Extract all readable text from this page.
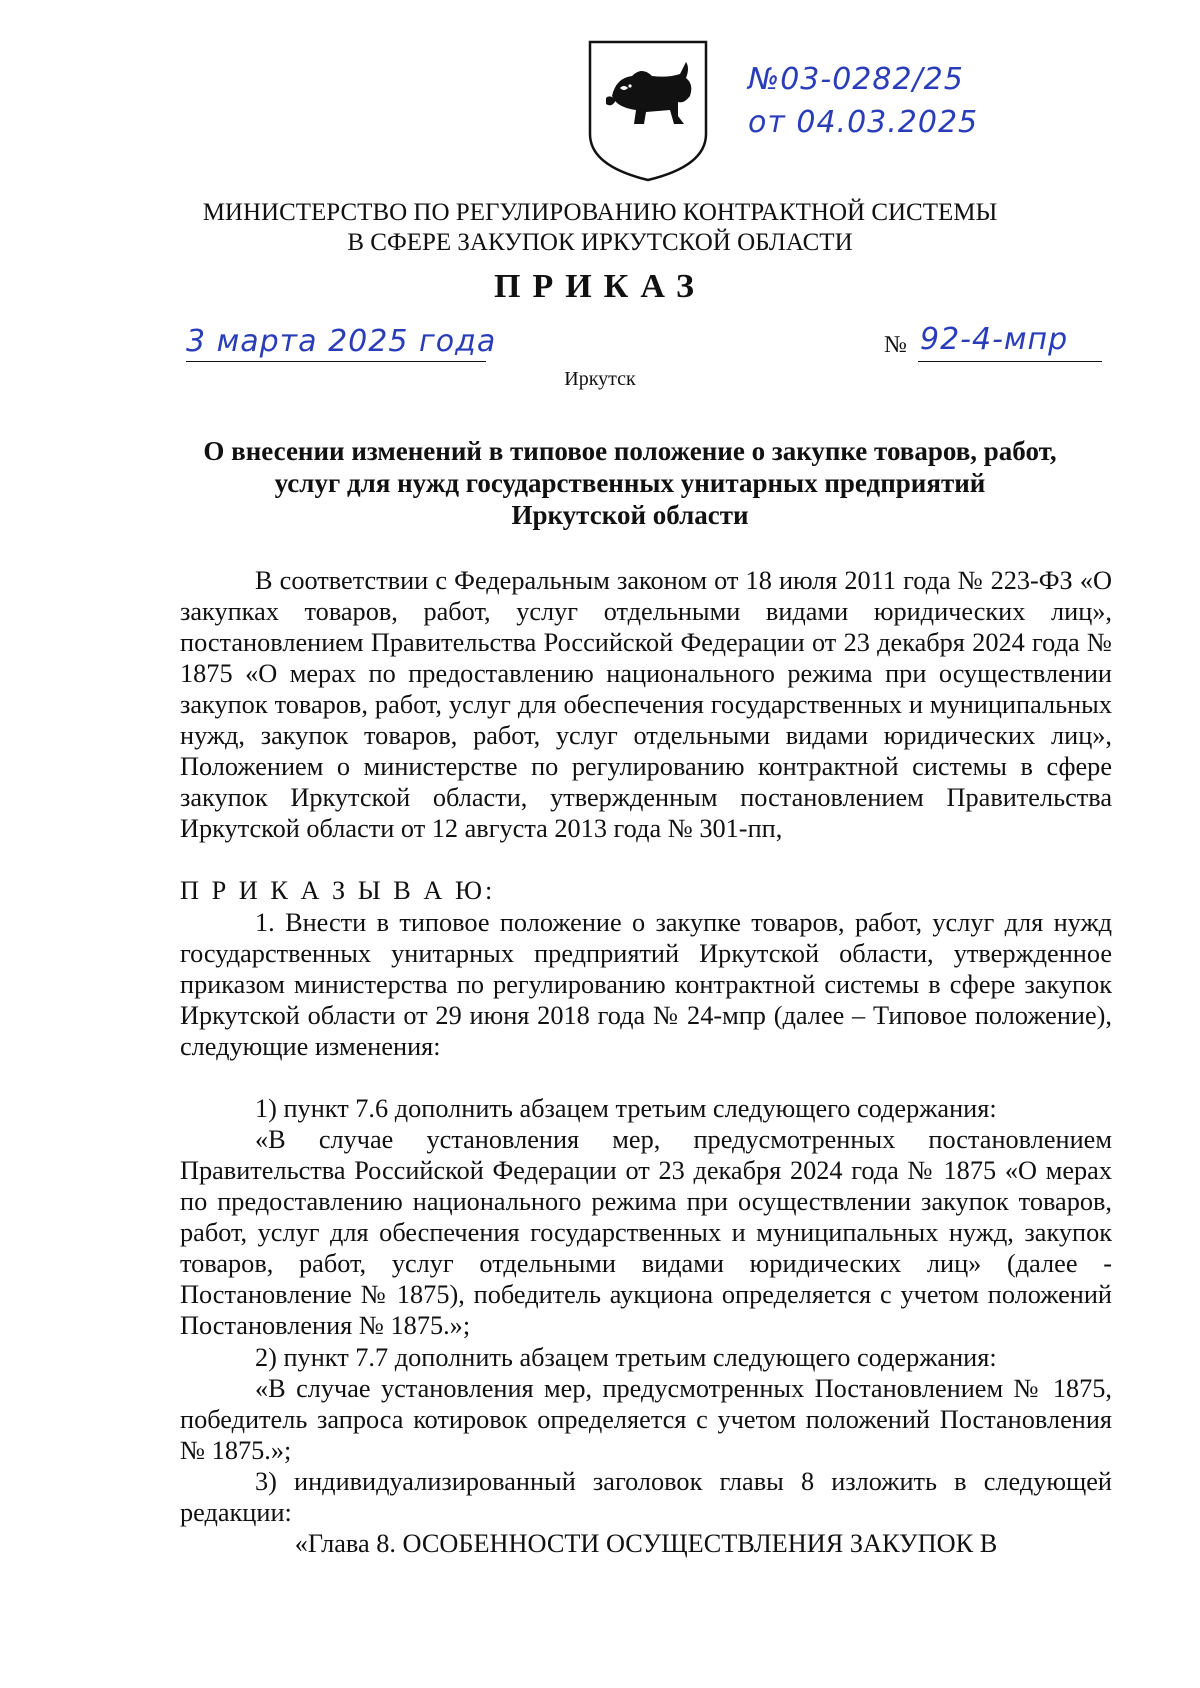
№03-0282/25
от 04.03.2025
МИНИСТЕРСТВО ПО РЕГУЛИРОВАНИЮ КОНТРАКТНОЙ СИСТЕМЫ
В СФЕРЕ ЗАКУПОК ИРКУТСКОЙ ОБЛАСТИ
ПРИКАЗ
3 марта 2025 года	№ 92-4-мпр
Иркутск
О внесении изменений в типовое положение о закупке товаров, работ,
услуг для нужд государственных унитарных предприятий
Иркутской области
В соответствии с Федеральным законом от 18 июля 2011 года № 223-ФЗ «О закупках товаров, работ, услуг отдельными видами юридических лиц», постановлением Правительства Российской Федерации от 23 декабря 2024 года № 1875 «О мерах по предоставлению национального режима при осуществлении закупок товаров, работ, услуг для обеспечения государственных и муниципальных нужд, закупок товаров, работ, услуг отдельными видами юридических лиц», Положением о министерстве по регулированию контрактной системы в сфере закупок Иркутской области, утвержденным постановлением Правительства Иркутской области от 12 августа 2013 года № 301-пп,
П Р И К А З Ы В А Ю:
1. Внести в типовое положение о закупке товаров, работ, услуг для нужд государственных унитарных предприятий Иркутской области, утвержденное приказом министерства по регулированию контрактной системы в сфере закупок Иркутской области от 29 июня 2018 года № 24-мпр (далее – Типовое положение), следующие изменения:
1) пункт 7.6 дополнить абзацем третьим следующего содержания:
«В случае установления мер, предусмотренных постановлением Правительства Российской Федерации от 23 декабря 2024 года № 1875 «О мерах по предоставлению национального режима при осуществлении закупок товаров, работ, услуг для обеспечения государственных и муниципальных нужд, закупок товаров, работ, услуг отдельными видами юридических лиц» (далее - Постановление № 1875), победитель аукциона определяется с учетом положений Постановления № 1875.»;
2) пункт 7.7 дополнить абзацем третьим следующего содержания:
«В случае установления мер, предусмотренных Постановлением № 1875, победитель запроса котировок определяется с учетом положений Постановления № 1875.»;
3) индивидуализированный заголовок главы 8 изложить в следующей редакции:
«Глава 8. ОСОБЕННОСТИ ОСУЩЕСТВЛЕНИЯ ЗАКУПОК В
